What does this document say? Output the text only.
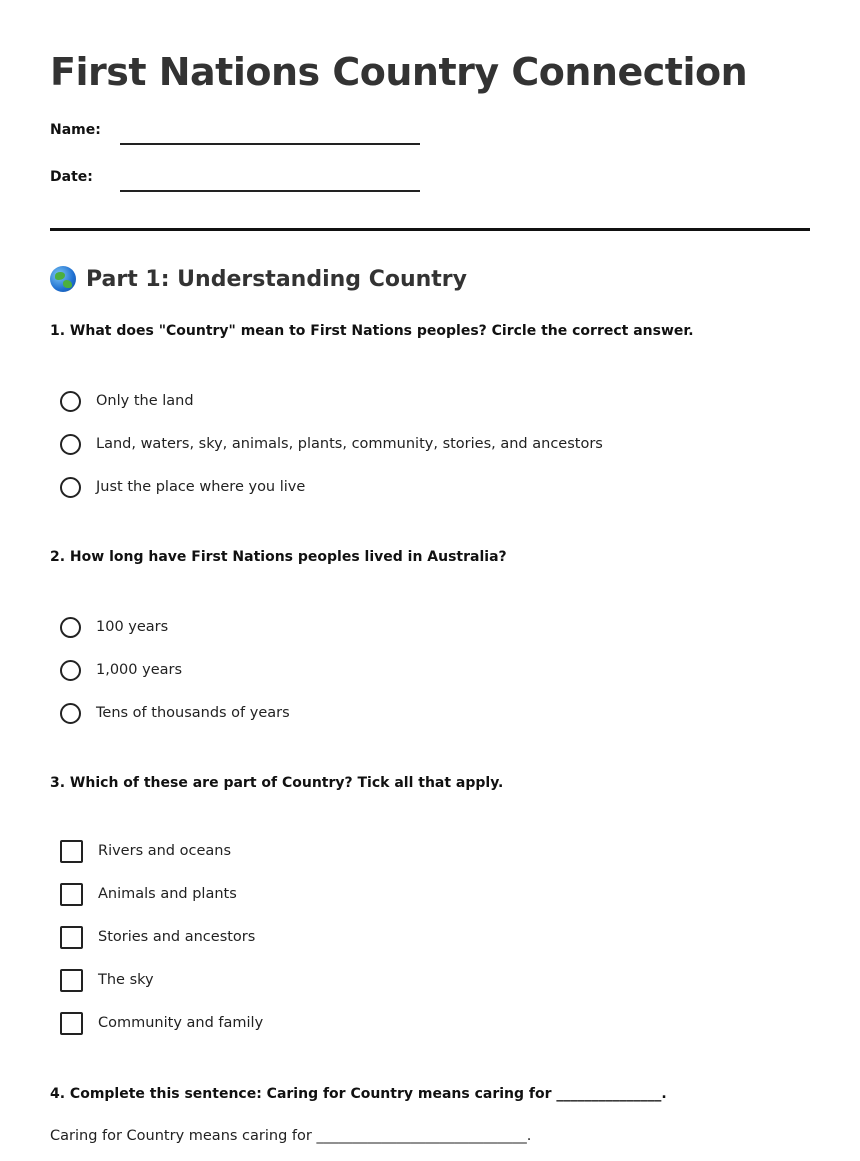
First Nations Country Connection
Name:
Date:
Part 1: Understanding Country
1. What does "Country" mean to First Nations peoples? Circle the correct answer.
Only the land
Land, waters, sky, animals, plants, community, stories, and ancestors
Just the place where you live
2. How long have First Nations peoples lived in Australia?
100 years
1,000 years
Tens of thousands of years
3. Which of these are part of Country? Tick all that apply.
Rivers and oceans
Animals and plants
Stories and ancestors
The sky
Community and family
4. Complete this sentence: Caring for Country means caring for _______________.
Caring for Country means caring for _____________________________.
